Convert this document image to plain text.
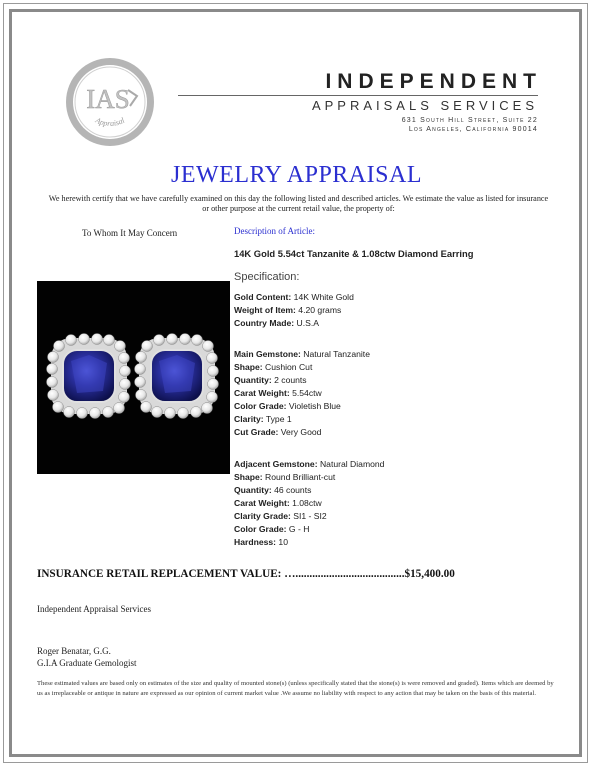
IAS
Appraisal
INDEPENDENT
APPRAISALS SERVICES
631 South Hill Street, Suite 22
Los Angeles, California 90014
JEWELRY APPRAISAL
We herewith certify that we have carefully examined on this day the following listed and described articles. We estimate the value as listed for insurance or other purpose at the current retail value, the property of:
To Whom It May Concern	Description of Article:
14K Gold 5.54ct Tanzanite & 1.08ctw Diamond Earring
Specification:
Gold Content: 14K White Gold
Weight of Item: 4.20 grams
Country Made: U.S.A
Main Gemstone: Natural Tanzanite
Shape: Cushion Cut
Quantity: 2 counts
Carat Weight: 5.54ctw
Color Grade: Violetish Blue
Clarity: Type 1
Cut Grade: Very Good
Adjacent Gemstone: Natural Diamond
Shape: Round Brilliant-cut
Quantity: 46 counts
Carat Weight: 1.08ctw
Clarity Grade: SI1 - SI2
Color Grade: G - H
Hardness: 10
INSURANCE RETAIL REPLACEMENT VALUE: ….......................................$15,400.00
Independent Appraisal Services
Roger Benatar, G.G.
G.I.A Graduate Gemologist
These estimated values are based only on estimates of the size and quality of mounted stone(s) (unless specifically stated that the stone(s) is were removed and graded). Items which are deemed by us as irreplaceable or antique in nature are expressed as our opinion of current market value .We assume no liability with respect to any action that may be taken on the basis of this material.
